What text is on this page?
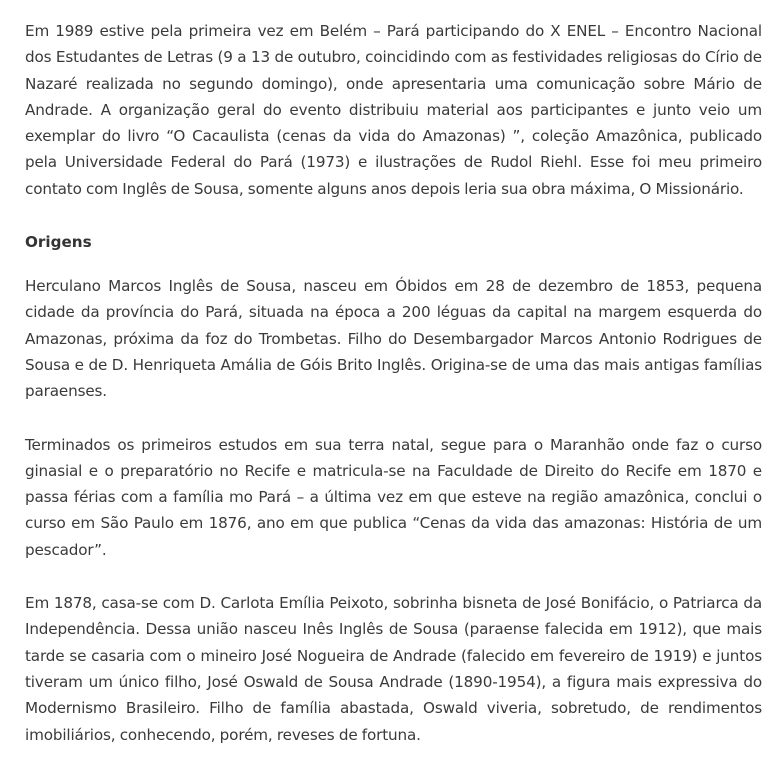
Em 1989 estive pela primeira vez em Belém – Pará participando do X ENEL – Encontro Nacional dos Estudantes de Letras (9 a 13 de outubro, coincidindo com as festividades religiosas do Círio de Nazaré realizada no segundo domingo), onde apresentaria uma comunicação sobre Mário de Andrade. A organização geral do evento distribuiu material aos participantes e junto veio um exemplar do livro “O Cacaulista (cenas da vida do Amazonas) ”, coleção Amazônica, publicado pela Universidade Federal do Pará (1973) e ilustrações de Rudol Riehl. Esse foi meu primeiro contato com Inglês de Sousa, somente alguns anos depois leria sua obra máxima, O Missionário.

Origens

Herculano Marcos Inglês de Sousa, nasceu em Óbidos em 28 de dezembro de 1853, pequena cidade da província do Pará, situada na época a 200 léguas da capital na margem esquerda do Amazonas, próxima da foz do Trombetas. Filho do Desembargador Marcos Antonio Rodrigues de Sousa e de D. Henriqueta Amália de Góis Brito Inglês. Origina-se de uma das mais antigas famílias paraenses.

Terminados os primeiros estudos em sua terra natal, segue para o Maranhão onde faz o curso ginasial e o preparatório no Recife e matricula-se na Faculdade de Direito do Recife em 1870 e passa férias com a família mo Pará – a última vez em que esteve na região amazônica, conclui o curso em São Paulo em 1876, ano em que publica “Cenas da vida das amazonas: História de um pescador”.

Em 1878, casa-se com D. Carlota Emília Peixoto, sobrinha bisneta de José Bonifácio, o Patriarca da Independência. Dessa união nasceu Inês Inglês de Sousa (paraense falecida em 1912), que mais tarde se casaria com o mineiro José Nogueira de Andrade (falecido em fevereiro de 1919) e juntos tiveram um único filho, José Oswald de Sousa Andrade (1890-1954), a figura mais expressiva do Modernismo Brasileiro. Filho de família abastada, Oswald viveria, sobretudo, de rendimentos imobiliários, conhecendo, porém, reveses de fortuna.
